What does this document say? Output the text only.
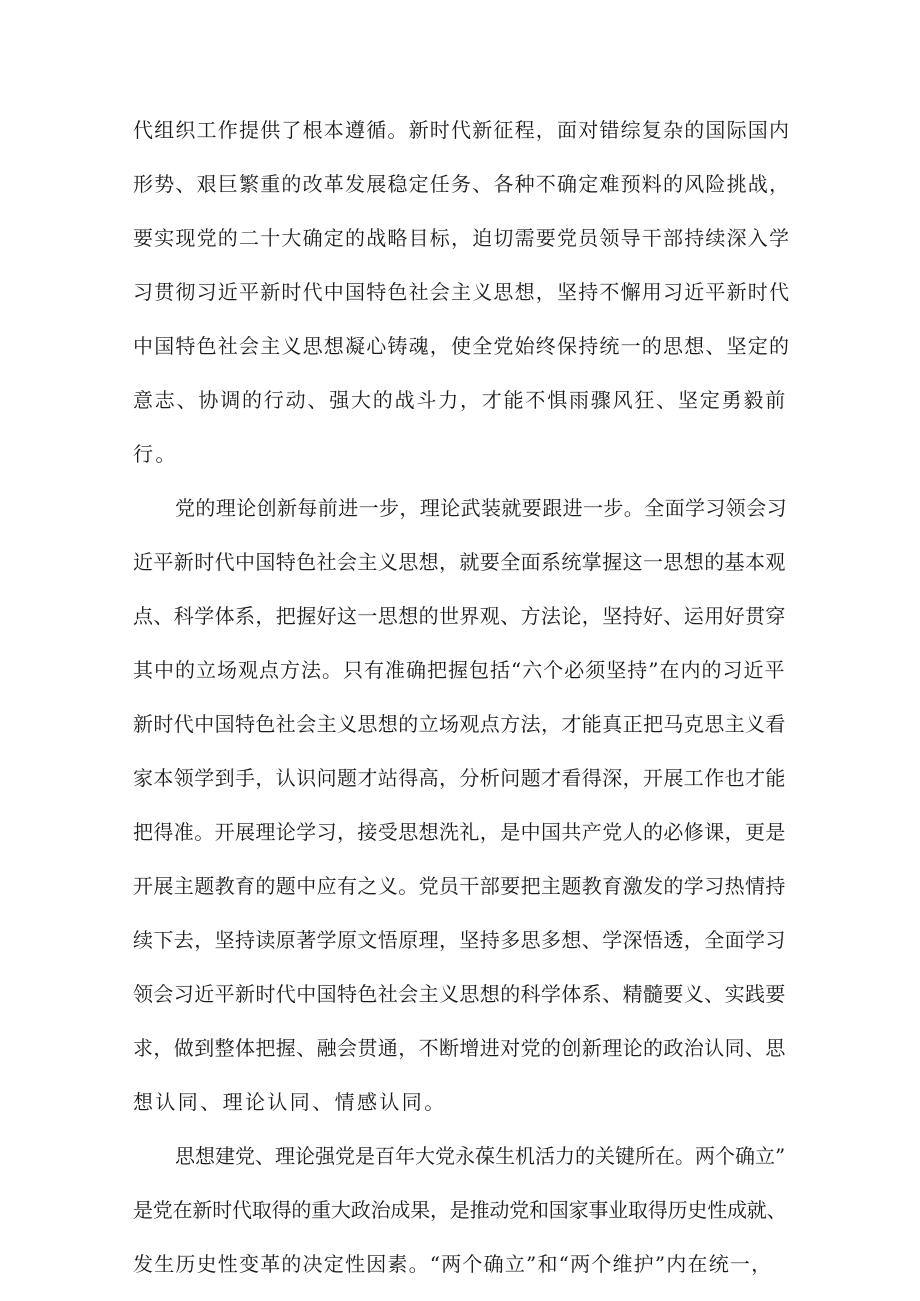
代组织工作提供了根本遵循。新时代新征程，面对错综复杂的国际国内

形势、艰巨繁重的改革发展稳定任务、各种不确定难预料的风险挑战，

要实现党的二十大确定的战略目标，迫切需要党员领导干部持续深入学

习贯彻习近平新时代中国特色社会主义思想，坚持不懈用习近平新时代

中国特色社会主义思想凝心铸魂，使全党始终保持统一的思想、坚定的

意志、协调的行动、强大的战斗力，才能不惧雨骤风狂、坚定勇毅前

行。

党的理论创新每前进一步，理论武装就要跟进一步。全面学习领会习

近平新时代中国特色社会主义思想，就要全面系统掌握这一思想的基本观

点、科学体系，把握好这一思想的世界观、方法论，坚持好、运用好贯穿

其中的立场观点方法。只有准确把握包括“六个必须坚持”在内的习近平

新时代中国特色社会主义思想的立场观点方法，才能真正把马克思主义看

家本领学到手，认识问题才站得高，分析问题才看得深，开展工作也才能

把得准。开展理论学习，接受思想洗礼，是中国共产党人的必修课，更是

开展主题教育的题中应有之义。党员干部要把主题教育激发的学习热情持

续下去，坚持读原著学原文悟原理，坚持多思多想、学深悟透，全面学习

领会习近平新时代中国特色社会主义思想的科学体系、精髓要义、实践要

求，做到整体把握、融会贯通，不断增进对党的创新理论的政治认同、思

想认同、理论认同、情感认同。

思想建党、理论强党是百年大党永葆生机活力的关键所在。两个确立”

是党在新时代取得的重大政治成果，是推动党和国家事业取得历史性成就、

发生历史性变革的决定性因素。“两个确立”和“两个维护”内在统一，
